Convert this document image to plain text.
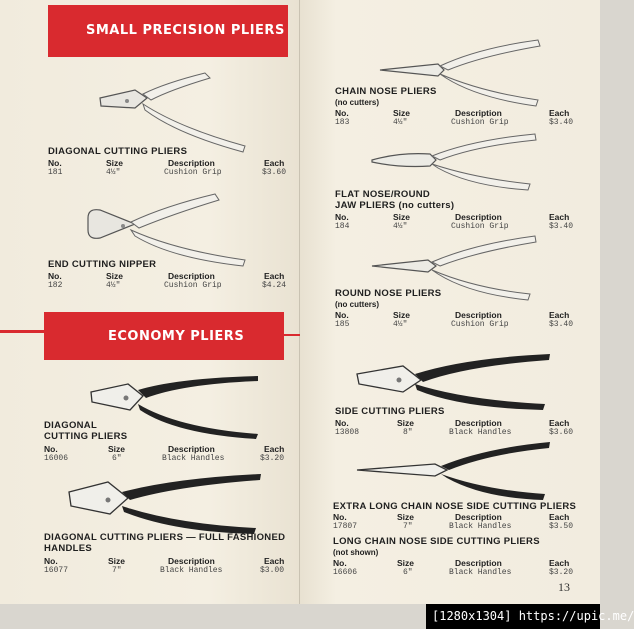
SMALL PRECISION PLIERS
DIAGONAL CUTTING PLIERS
No.	Size	Description	Each
181	4½"	Cushion Grip	$3.60
END CUTTING NIPPER
No.	Size	Description	Each
182	4½"	Cushion Grip	$4.24
ECONOMY PLIERS
DIAGONAL
CUTTING PLIERS
No.	Size	Description	Each
16006	6"	Black Handles	$3.20
DIAGONAL CUTTING PLIERS — FULL FASHIONED
HANDLES
No.	Size	Description	Each
16077	7"	Black Handles	$3.00
CHAIN NOSE PLIERS
(no cutters)
No.	Size	Description	Each
183	4½"	Cushion Grip	$3.40
FLAT NOSE/ROUND
JAW PLIERS (no cutters)
No.	Size	Description	Each
184	4½"	Cushion Grip	$3.40
ROUND NOSE PLIERS
(no cutters)
No.	Size	Description	Each
185	4½"	Cushion Grip	$3.40
SIDE CUTTING PLIERS
No.	Size	Description	Each
13808	8"	Black Handles	$3.60
EXTRA LONG CHAIN NOSE SIDE CUTTING PLIERS
No.	Size	Description	Each
17807	7"	Black Handles	$3.50
LONG CHAIN NOSE SIDE CUTTING PLIERS
(not shown)
No.	Size	Description	Each
16606	6"	Black Handles	$3.20
13
[1280x1304] https://upic.me/
